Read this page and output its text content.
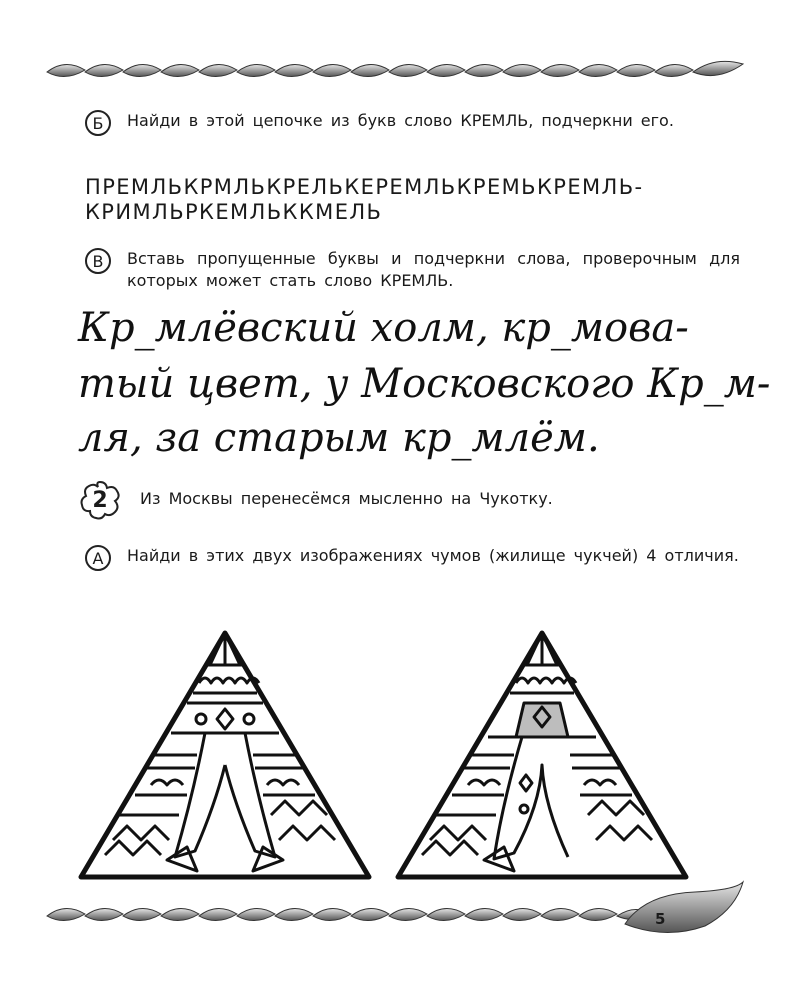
Б	Найди в этой цепочке из букв слово КРЕМЛЬ, подчеркни его.
ПРЕМЛЬКРМЛЬКРЕЛЬКЕРЕМЛЬКРЕМЬКРЕМЛЬ-
КРИМЛЬРКЕМЛЬККМЕЛЬ
В	Вставь пропущенные буквы и подчеркни слова, проверочным для которых может стать слово КРЕМЛЬ.
Кр_млёвский холм, кр_мова-
тый цвет, у Московского Кр_м-
ля, за старым кр_млём.
2	Из Москвы перенесёмся мысленно на Чукотку.
А	Найди в этих двух изображениях чумов (жилище чукчей) 4 отличия.
5
